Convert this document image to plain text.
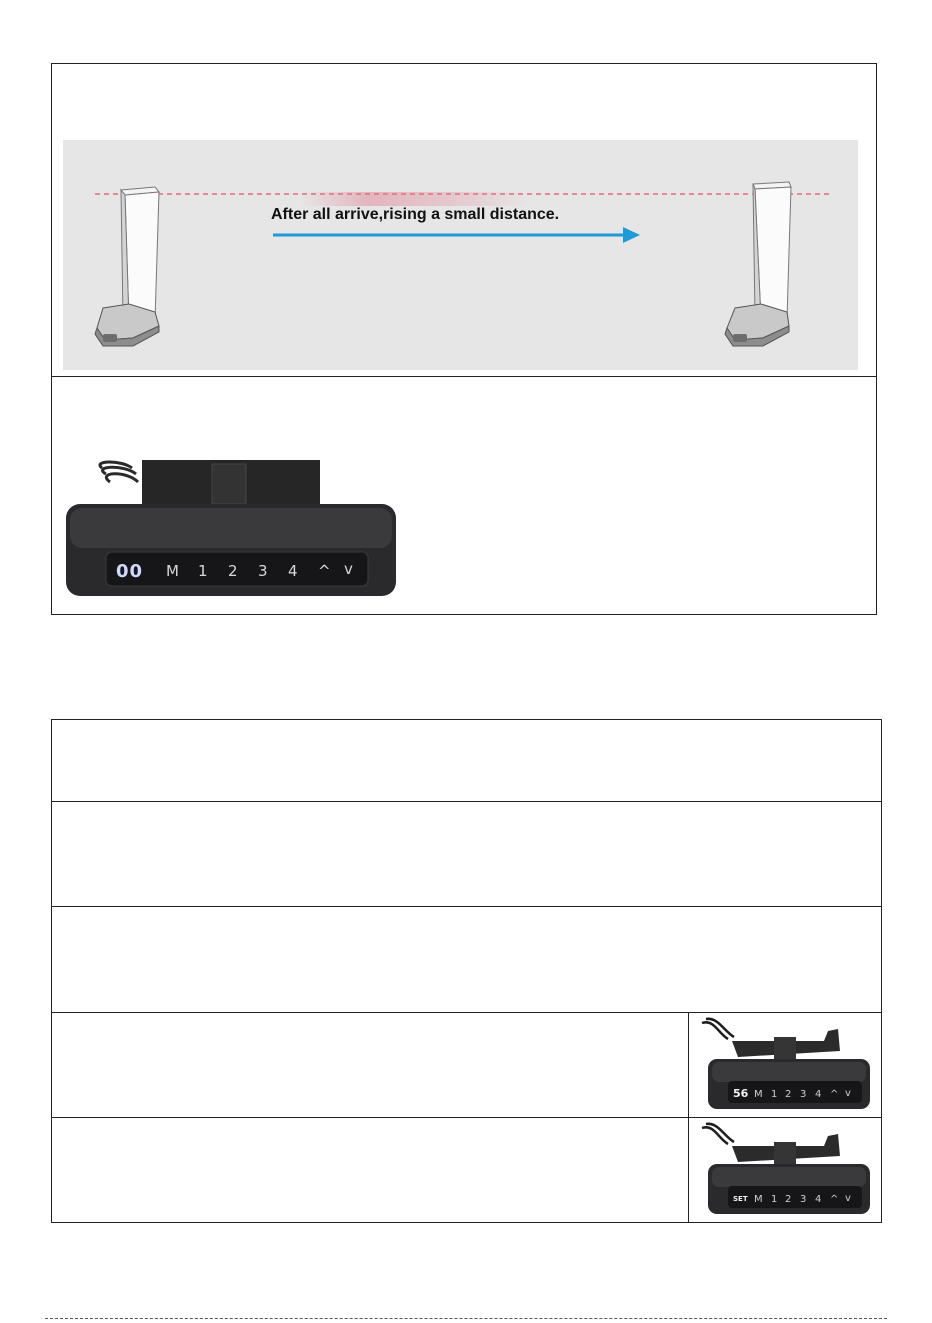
After all arrive,rising a small distance.
00 M 1 2 3 4 ^ v
56 M 1 2 3 4 ^ v
SET M 1 2 3 4 ^ v
